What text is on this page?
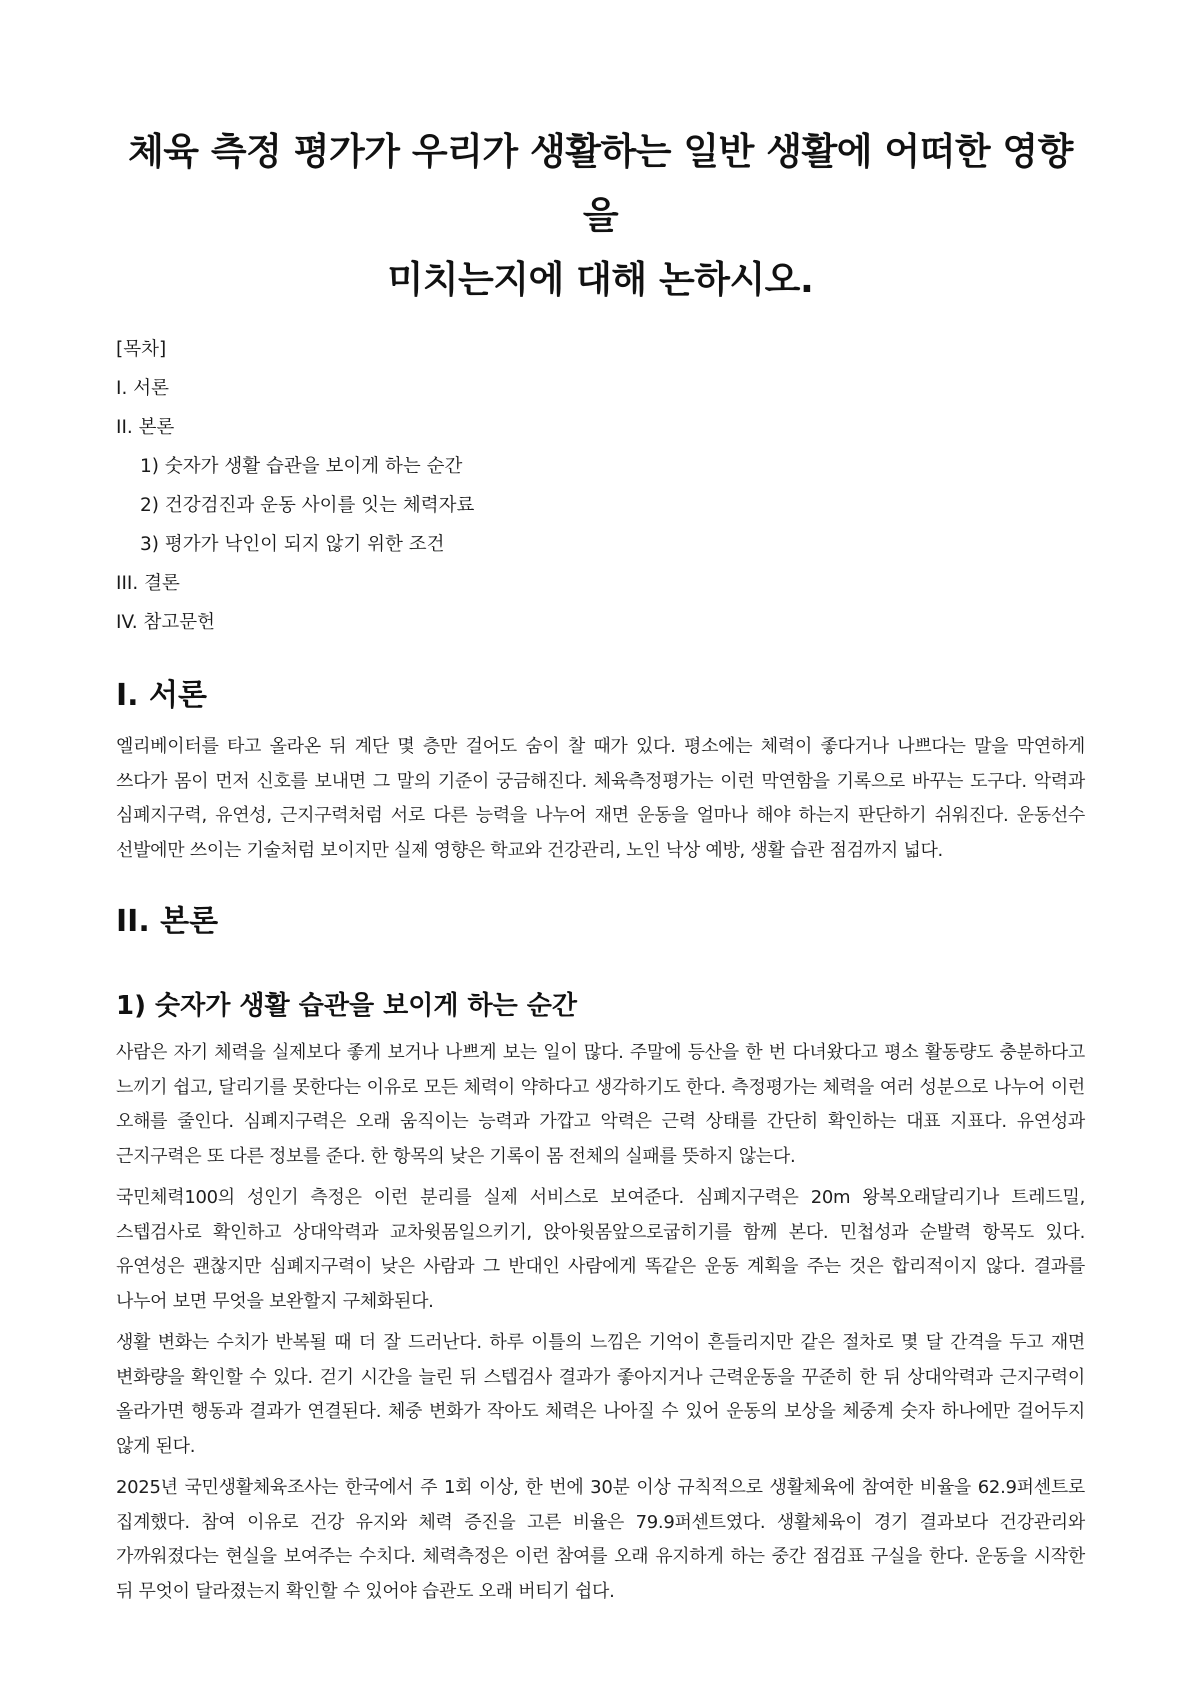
체육 측정 평가가 우리가 생활하는 일반 생활에 어떠한 영향을
미치는지에 대해 논하시오.

[목차]

I. 서론

II. 본론

1) 숫자가 생활 습관을 보이게 하는 순간

2) 건강검진과 운동 사이를 잇는 체력자료

3) 평가가 낙인이 되지 않기 위한 조건

III. 결론

IV. 참고문헌

I. 서론

엘리베이터를 타고 올라온 뒤 계단 몇 층만 걸어도 숨이 찰 때가 있다. 평소에는 체력이 좋다거나 나쁘다는 말을 막연하게 쓰다가 몸이 먼저 신호를 보내면 그 말의 기준이 궁금해진다. 체육측정평가는 이런 막연함을 기록으로 바꾸는 도구다. 악력과 심폐지구력, 유연성, 근지구력처럼 서로 다른 능력을 나누어 재면 운동을 얼마나 해야 하는지 판단하기 쉬워진다. 운동선수 선발에만 쓰이는 기술처럼 보이지만 실제 영향은 학교와 건강관리, 노인 낙상 예방, 생활 습관 점검까지 넓다.

II. 본론
1) 숫자가 생활 습관을 보이게 하는 순간

사람은 자기 체력을 실제보다 좋게 보거나 나쁘게 보는 일이 많다. 주말에 등산을 한 번 다녀왔다고 평소 활동량도 충분하다고 느끼기 쉽고, 달리기를 못한다는 이유로 모든 체력이 약하다고 생각하기도 한다. 측정평가는 체력을 여러 성분으로 나누어 이런 오해를 줄인다. 심폐지구력은 오래 움직이는 능력과 가깝고 악력은 근력 상태를 간단히 확인하는 대표 지표다. 유연성과 근지구력은 또 다른 정보를 준다. 한 항목의 낮은 기록이 몸 전체의 실패를 뜻하지 않는다.

국민체력100의 성인기 측정은 이런 분리를 실제 서비스로 보여준다. 심폐지구력은 20m 왕복오래달리기나 트레드밀, 스텝검사로 확인하고 상대악력과 교차윗몸일으키기, 앉아윗몸앞으로굽히기를 함께 본다. 민첩성과 순발력 항목도 있다. 유연성은 괜찮지만 심폐지구력이 낮은 사람과 그 반대인 사람에게 똑같은 운동 계획을 주는 것은 합리적이지 않다. 결과를 나누어 보면 무엇을 보완할지 구체화된다.

생활 변화는 수치가 반복될 때 더 잘 드러난다. 하루 이틀의 느낌은 기억이 흔들리지만 같은 절차로 몇 달 간격을 두고 재면 변화량을 확인할 수 있다. 걷기 시간을 늘린 뒤 스텝검사 결과가 좋아지거나 근력운동을 꾸준히 한 뒤 상대악력과 근지구력이 올라가면 행동과 결과가 연결된다. 체중 변화가 작아도 체력은 나아질 수 있어 운동의 보상을 체중계 숫자 하나에만 걸어두지 않게 된다.

2025년 국민생활체육조사는 한국에서 주 1회 이상, 한 번에 30분 이상 규칙적으로 생활체육에 참여한 비율을 62.9퍼센트로 집계했다. 참여 이유로 건강 유지와 체력 증진을 고른 비율은 79.9퍼센트였다. 생활체육이 경기 결과보다 건강관리와 가까워졌다는 현실을 보여주는 수치다. 체력측정은 이런 참여를 오래 유지하게 하는 중간 점검표 구실을 한다. 운동을 시작한 뒤 무엇이 달라졌는지 확인할 수 있어야 습관도 오래 버티기 쉽다.
